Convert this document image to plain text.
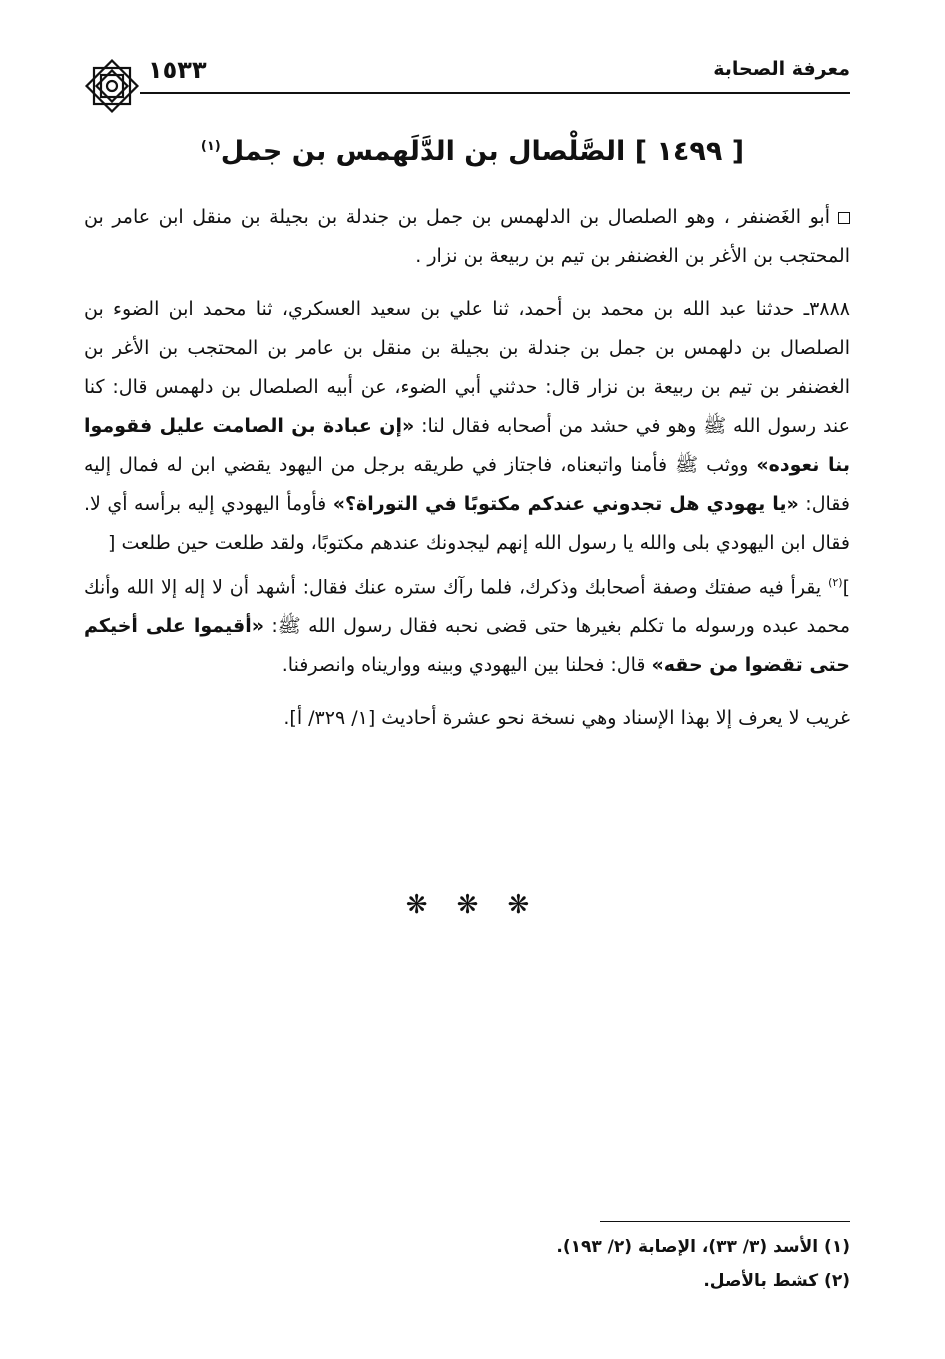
معرفة الصحابة
١٥٣٣
[ ١٤٩٩ ] الصَّلْصال بن الدَّلَهمس بن جمل$^{(١)}$

أبو الغَضنفر ، وهو الصلصال بن الدلهمس بن جمل بن جندلة بن بجيلة بن منقل ابن عامر بن المحتجب بن الأغر بن الغضنفر بن تيم بن ربيعة بن نزار .

٣٨٨٨ـ حدثنا عبد الله بن محمد بن أحمد، ثنا علي بن سعيد العسكري، ثنا محمد ابن الضوء بن الصلصال بن دلهمس بن جمل بن جندلة بن بجيلة بن منقل بن عامر بن المحتجب بن الأغر بن الغضنفر بن تيم بن ربيعة بن نزار قال: حدثني أبي الضوء، عن أبيه الصلصال بن دلهمس قال: كنا عند رسول الله ﷺ وهو في حشد من أصحابه فقال لنا: «إن عبادة بن الصامت عليل فقوموا بنا نعوده» ووثب ﷺ فأمنا واتبعناه، فاجتاز في طريقه برجل من اليهود يقضي ابن له فمال إليه فقال: «يا يهودي هل تجدوني عندكم مكتوبًا في التوراة؟» فأومأ اليهودي إليه برأسه أي لا. فقال ابن اليهودي بلى والله يا رسول الله إنهم ليجدونك عندهم مكتوبًا، ولقد طلعت حين طلعت []$^{(٢)}$ يقرأ فيه صفتك وصفة أصحابك وذكرك، فلما رآك ستره عنك فقال: أشهد أن لا إله إلا الله وأنك محمد عبده ورسوله ما تكلم بغيرها حتى قضى نحبه فقال رسول الله ﷺ: «أقيموا على أخيكم حتى تقضوا من حقه» قال: فحلنا بين اليهودي وبينه وواريناه وانصرفنا.

غريب لا يعرف إلا بهذا الإسناد وهي نسخة نحو عشرة أحاديث [١/ ٣٢٩/ أ].

❋ ❋ ❋
(١) الأسد (٣/ ٣٣)، الإصابة (٢/ ١٩٣).
(٢) كشط بالأصل.
